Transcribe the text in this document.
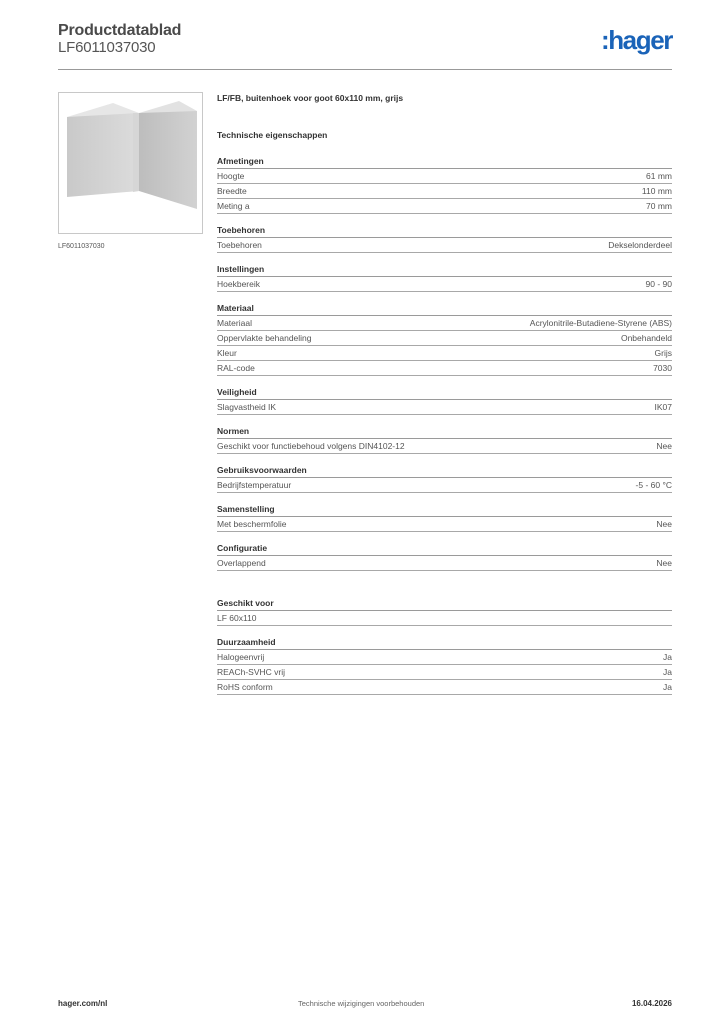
Productdatablad
LF6011037030	:hager
LF6011037030
LF/FB, buitenhoek voor goot 60x110 mm, grijs
Technische eigenschappen
Afmetingen
Hoogte	61 mm
Breedte	110 mm
Meting a	70 mm
Toebehoren
Toebehoren	Dekselonderdeel
Instellingen
Hoekbereik	90 - 90
Materiaal
Materiaal	Acrylonitrile-Butadiene-Styrene (ABS)
Oppervlakte behandeling	Onbehandeld
Kleur	Grijs
RAL-code	7030
Veiligheid
Slagvastheid IK	IK07
Normen
Geschikt voor functiebehoud volgens DIN4102-12	Nee
Gebruiksvoorwaarden
Bedrijfstemperatuur	-5 - 60 °C
Samenstelling
Met beschermfolie	Nee
Configuratie
Overlappend	Nee
Geschikt voor
LF 60x110
Duurzaamheid
Halogeenvrij	Ja
REACh-SVHC vrij	Ja
RoHS conform	Ja
hager.com/nl	Technische wijzigingen voorbehouden	16.04.2026
